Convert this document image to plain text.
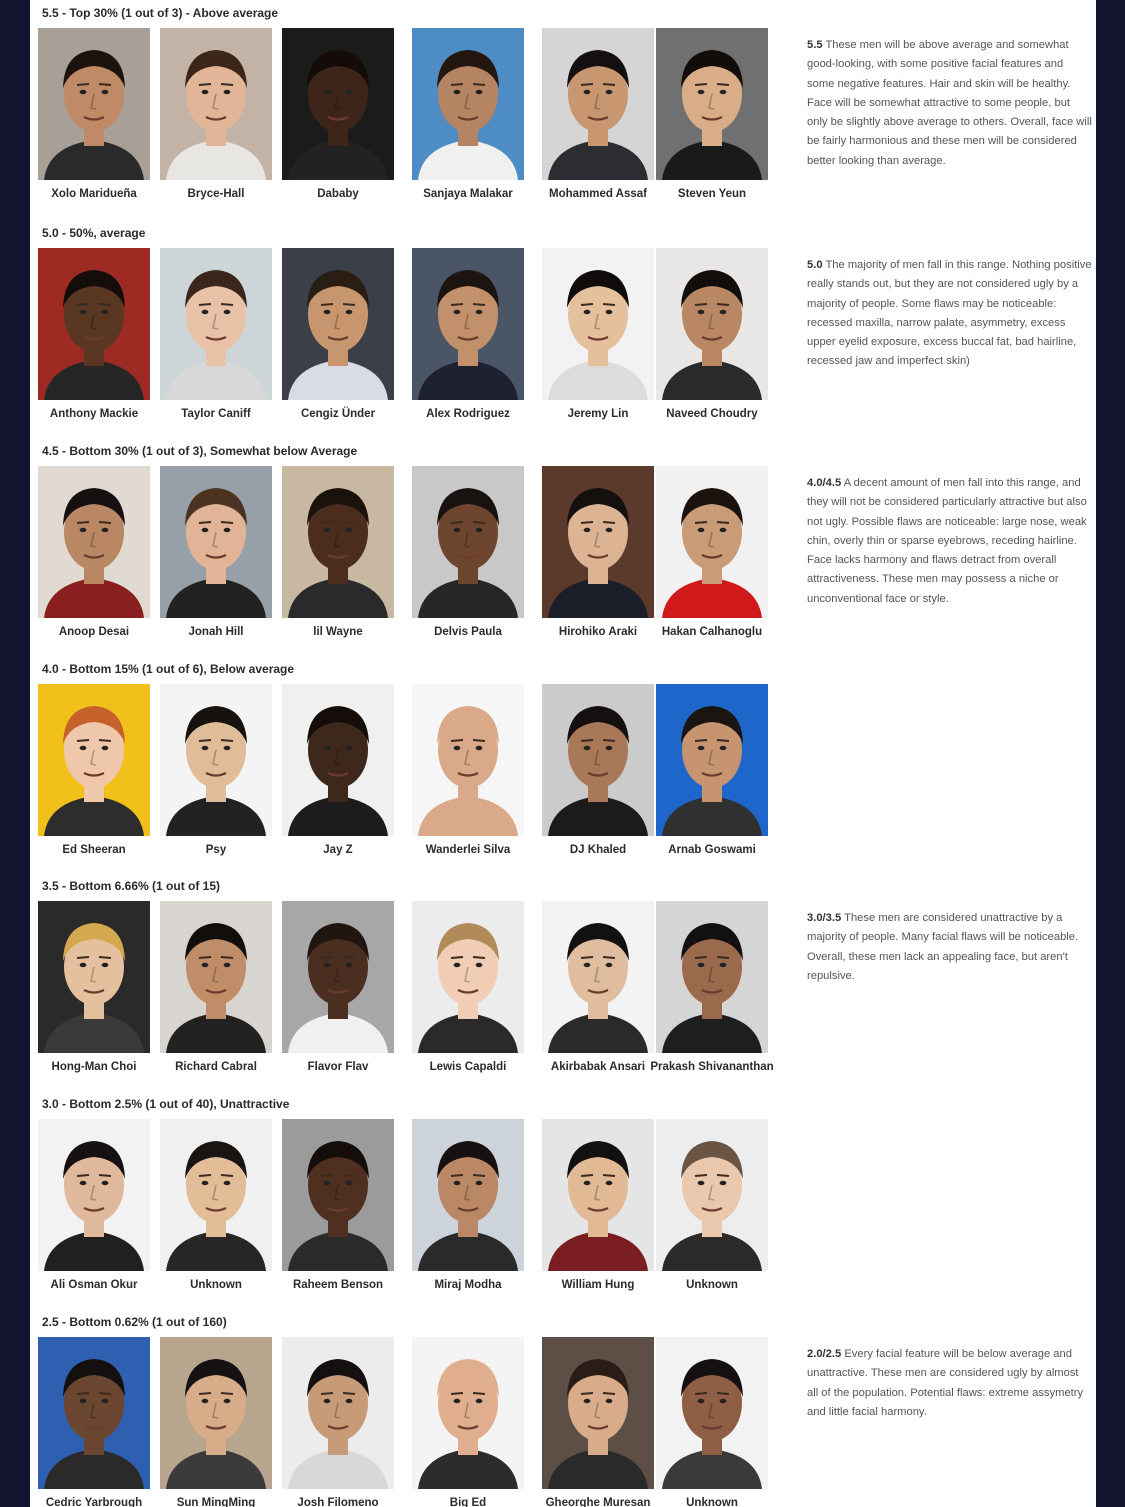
5.5 - Top 30% (1 out of 3) - Above average
Xolo Maridueña	Bryce-Hall	Dababy	Sanjaya Malakar	Mohammed Assaf	Steven Yeun
5.5 These men will be above average and somewhat good-looking, with some positive facial features and some negative features. Hair and skin will be healthy. Face will be somewhat attractive to some people, but only be slightly above average to others. Overall, face will be fairly harmonious and these men will be considered better looking than average.
5.0 - 50%, average
Anthony Mackie	Taylor Caniff	Cengiz Ünder	Alex Rodriguez	Jeremy Lin	Naveed Choudry
5.0 The majority of men fall in this range. Nothing positive really stands out, but they are not considered ugly by a majority of people. Some flaws may be noticeable: recessed maxilla, narrow palate, asymmetry, excess upper eyelid exposure, excess buccal fat, bad hairline, recessed jaw and imperfect skin)
4.5 - Bottom 30% (1 out of 3), Somewhat below Average
Anoop Desai	Jonah Hill	lil Wayne	Delvis Paula	Hirohiko Araki	Hakan Calhanoglu
4.0/4.5 A decent amount of men fall into this range, and they will not be considered particularly attractive but also not ugly. Possible flaws are noticeable: large nose, weak chin, overly thin or sparse eyebrows, receding hairline. Face lacks harmony and flaws detract from overall attractiveness. These men may possess a niche or unconventional face or style.
4.0 - Bottom 15% (1 out of 6), Below average
Ed Sheeran	Psy	Jay Z	Wanderlei Silva	DJ Khaled	Arnab Goswami
3.5 - Bottom 6.66% (1 out of 15)
Hong-Man Choi	Richard Cabral	Flavor Flav	Lewis Capaldi	Akirbabak Ansari Prakash Shivananthan
3.0/3.5 These men are considered unattractive by a majority of people. Many facial flaws will be noticeable. Overall, these men lack an appealing face, but aren't repulsive.
3.0 - Bottom 2.5% (1 out of 40), Unattractive
Ali Osman Okur	Unknown	Raheem Benson	Miraj Modha	William Hung	Unknown
2.5 - Bottom 0.62% (1 out of 160)
Cedric Yarbrough	Sun MingMing	Josh Filomeno	Big Ed	Gheorghe Muresan	Unknown
2.0/2.5 Every facial feature will be below average and unattractive. These men are considered ugly by almost all of the population. Potential flaws: extreme assymetry and little facial harmony.
